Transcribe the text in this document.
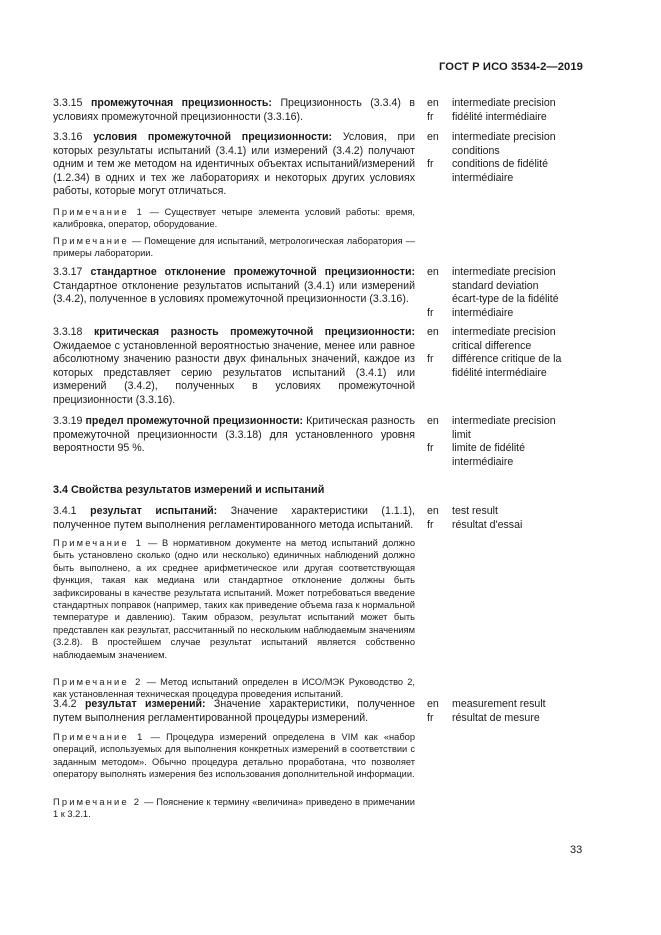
ГОСТ Р ИСО 3534-2—2019
3.3.15 промежуточная прецизионность: Прецизионность (3.3.4) в условиях промежуточной прецизионности (3.3.16).
en
fr
intermediate precision
fidélité intermédiaire
3.3.16 условия промежуточной прецизионности: Условия, при которых результаты испытаний (3.4.1) или измерений (3.4.2) получают одним и тем же методом на идентичных объектах испытаний/измерений (1.2.34) в одних и тех же лабораториях и некоторых других условиях работы, которые могут отличаться.
en
fr
intermediate precision
conditions
conditions de fidélité
intermédiaire
Примечание 1 — Существует четыре элемента условий работы: время, калибровка, оператор, оборудование.
Примечание — Помещение для испытаний, метрологическая лаборатория — примеры лаборатории.
3.3.17 стандартное отклонение промежуточной прецизионности: Стандартное отклонение результатов испытаний (3.4.1) или измерений (3.4.2), полученное в условиях промежуточной прецизионности (3.3.16).
en
fr
intermediate precision
standard deviation
écart-type de la fidélité
intermédiaire
3.3.18 критическая разность промежуточной прецизионности: Ожидаемое с установленной вероятностью значение, менее или равное абсолютному значению разности двух финальных значений, каждое из которых представляет серию результатов испытаний (3.4.1) или измерений (3.4.2), полученных в условиях промежуточной прецизионности (3.3.16).
en
fr
intermediate precision
critical difference
différence critique de la
fidélité intermédiaire
3.3.19 предел промежуточной прецизионности: Критическая разность промежуточной прецизионности (3.3.18) для установленного уровня вероятности 95 %.
en
fr
intermediate precision
limit
limite de fidélité
intermédiaire
3.4 Свойства результатов измерений и испытаний
3.4.1 результат испытаний: Значение характеристики (1.1.1), полученное путем выполнения регламентированного метода испытаний.
en
fr
test result
résultat d'essai
Примечание 1 — В нормативном документе на метод испытаний должно быть установлено сколько (одно или несколько) единичных наблюдений должно быть выполнено, а их среднее арифметическое или другая соответствующая функция, такая как медиана или стандартное отклонение должны быть зафиксированы в качестве результата испытаний. Может потребоваться введение стандартных поправок (например, таких как приведение объема газа к нормальной температуре и давлению). Таким образом, результат испытаний может быть представлен как результат, рассчитанный по нескольким наблюдаемым значениям (3.2.8). В простейшем случае результат испытаний является собственно наблюдаемым значением.
Примечание 2 — Метод испытаний определен в ИСО/МЭК Руководство 2, как установленная техническая процедура проведения испытаний.
3.4.2 результат измерений: Значение характеристики, полученное путем выполнения регламентированной процедуры измерений.
en
fr
measurement result
résultat de mesure
Примечание 1 — Процедура измерений определена в VIM как «набор операций, используемых для выполнения конкретных измерений в соответствии с заданным методом». Обычно процедура детально проработана, что позволяет оператору выполнять измерения без использования дополнительной информации.
Примечание 2 — Пояснение к термину «величина» приведено в примечании 1 к 3.2.1.
33
